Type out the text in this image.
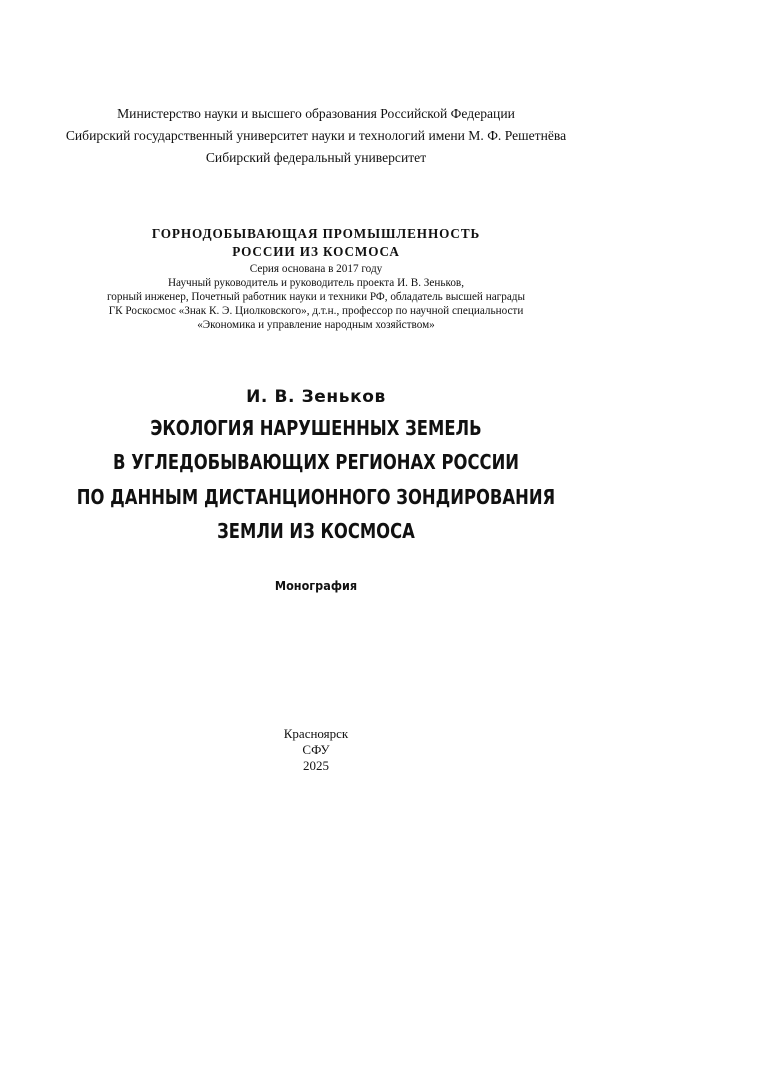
Министерство науки и высшего образования Российской Федерации
Сибирский государственный университет науки и технологий имени М. Ф. Решетнёва
Сибирский федеральный университет
ГОРНОДОБЫВАЮЩАЯ ПРОМЫШЛЕННОСТЬ
РОССИИ ИЗ КОСМОСА
Серия основана в 2017 году
Научный руководитель и руководитель проекта И. В. Зеньков,
горный инженер, Почетный работник науки и техники РФ, обладатель высшей награды
ГК Роскосмос «Знак К. Э. Циолковского», д.т.н., профессор по научной специальности
«Экономика и управление народным хозяйством»
И. В. Зеньков
ЭКОЛОГИЯ НАРУШЕННЫХ ЗЕМЕЛЬ
В УГЛЕДОБЫВАЮЩИХ РЕГИОНАХ РОССИИ
ПО ДАННЫМ ДИСТАНЦИОННОГО ЗОНДИРОВАНИЯ
ЗЕМЛИ ИЗ КОСМОСА
Монография
Красноярск
СФУ
2025
